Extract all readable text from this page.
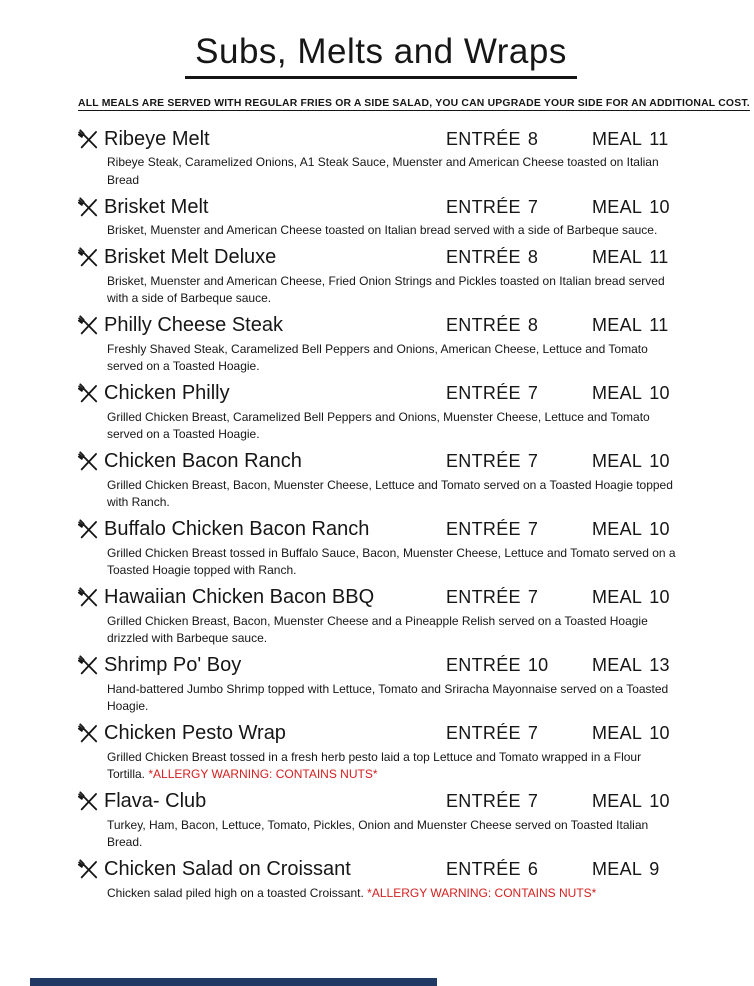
Subs, Melts and Wraps
ALL MEALS ARE SERVED WITH REGULAR FRIES OR A SIDE SALAD, YOU CAN UPGRADE YOUR SIDE FOR AN ADDITIONAL COST.
Ribeye Melt	ENTRÉE 8	MEAL 11
Ribeye Steak, Caramelized Onions, A1 Steak Sauce, Muenster and American Cheese toasted on Italian Bread
Brisket Melt	ENTRÉE 7	MEAL 10
Brisket, Muenster and American Cheese toasted on Italian bread served with a side of Barbeque sauce.
Brisket Melt Deluxe	ENTRÉE 8	MEAL 11
Brisket, Muenster and American Cheese, Fried Onion Strings and Pickles toasted on Italian bread served with a side of Barbeque sauce.
Philly Cheese Steak	ENTRÉE 8	MEAL 11
Freshly Shaved Steak, Caramelized Bell Peppers and Onions, American Cheese, Lettuce and Tomato served on a Toasted Hoagie.
Chicken Philly	ENTRÉE 7	MEAL 10
Grilled Chicken Breast, Caramelized Bell Peppers and Onions, Muenster Cheese, Lettuce and Tomato served on a Toasted Hoagie.
Chicken Bacon Ranch	ENTRÉE 7	MEAL 10
Grilled Chicken Breast, Bacon, Muenster Cheese, Lettuce and Tomato served on a Toasted Hoagie topped with Ranch.
Buffalo Chicken Bacon Ranch	ENTRÉE 7	MEAL 10
Grilled Chicken Breast tossed in Buffalo Sauce, Bacon, Muenster Cheese, Lettuce and Tomato served on a Toasted Hoagie topped with Ranch.
Hawaiian Chicken Bacon BBQ	ENTRÉE 7	MEAL 10
Grilled Chicken Breast, Bacon, Muenster Cheese and a Pineapple Relish served on a Toasted Hoagie drizzled with Barbeque sauce.
Shrimp Po' Boy	ENTRÉE 10 MEAL 13
Hand-battered Jumbo Shrimp topped with Lettuce, Tomato and Sriracha Mayonnaise served on a Toasted Hoagie.
Chicken Pesto Wrap	ENTRÉE 7	MEAL 10
Grilled Chicken Breast tossed in a fresh herb pesto laid a top Lettuce and Tomato wrapped in a Flour Tortilla. *ALLERGY WARNING: CONTAINS NUTS*
Flava- Club	ENTRÉE 7	MEAL 10
Turkey, Ham, Bacon, Lettuce, Tomato, Pickles, Onion and Muenster Cheese served on Toasted Italian Bread.
Chicken Salad on Croissant	ENTRÉE 6	MEAL 9
Chicken salad piled high on a toasted Croissant. *ALLERGY WARNING: CONTAINS NUTS*
